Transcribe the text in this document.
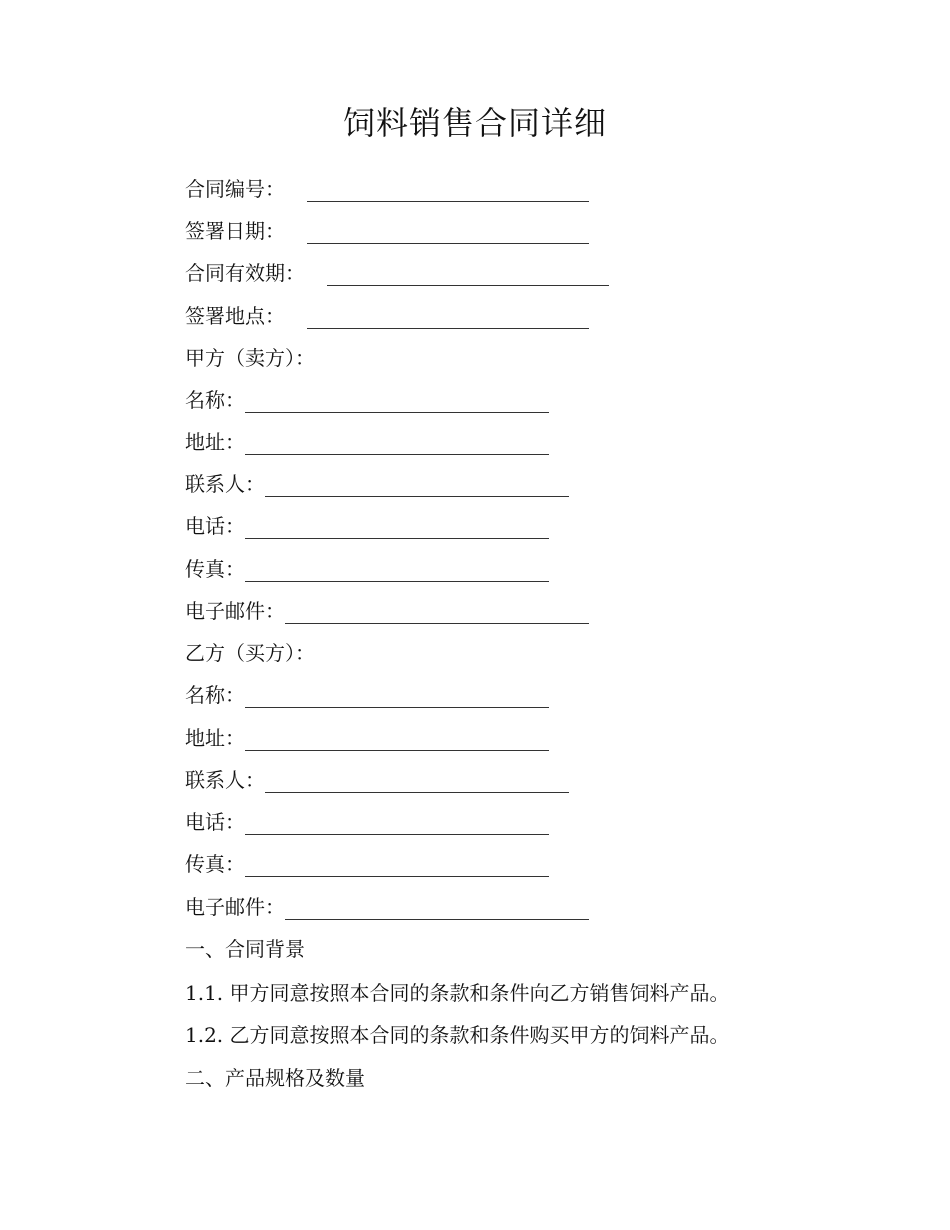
饲料销售合同详细
合同编号：
签署日期：
合同有效期：
签署地点：
甲方（卖方）：
名称：
地址：
联系人：
电话：
传真：
电子邮件：
乙方（买方）：
名称：
地址：
联系人：
电话：
传真：
电子邮件：
一、合同背景
1.1. 甲方同意按照本合同的条款和条件向乙方销售饲料产品。
1.2. 乙方同意按照本合同的条款和条件购买甲方的饲料产品。
二、产品规格及数量
